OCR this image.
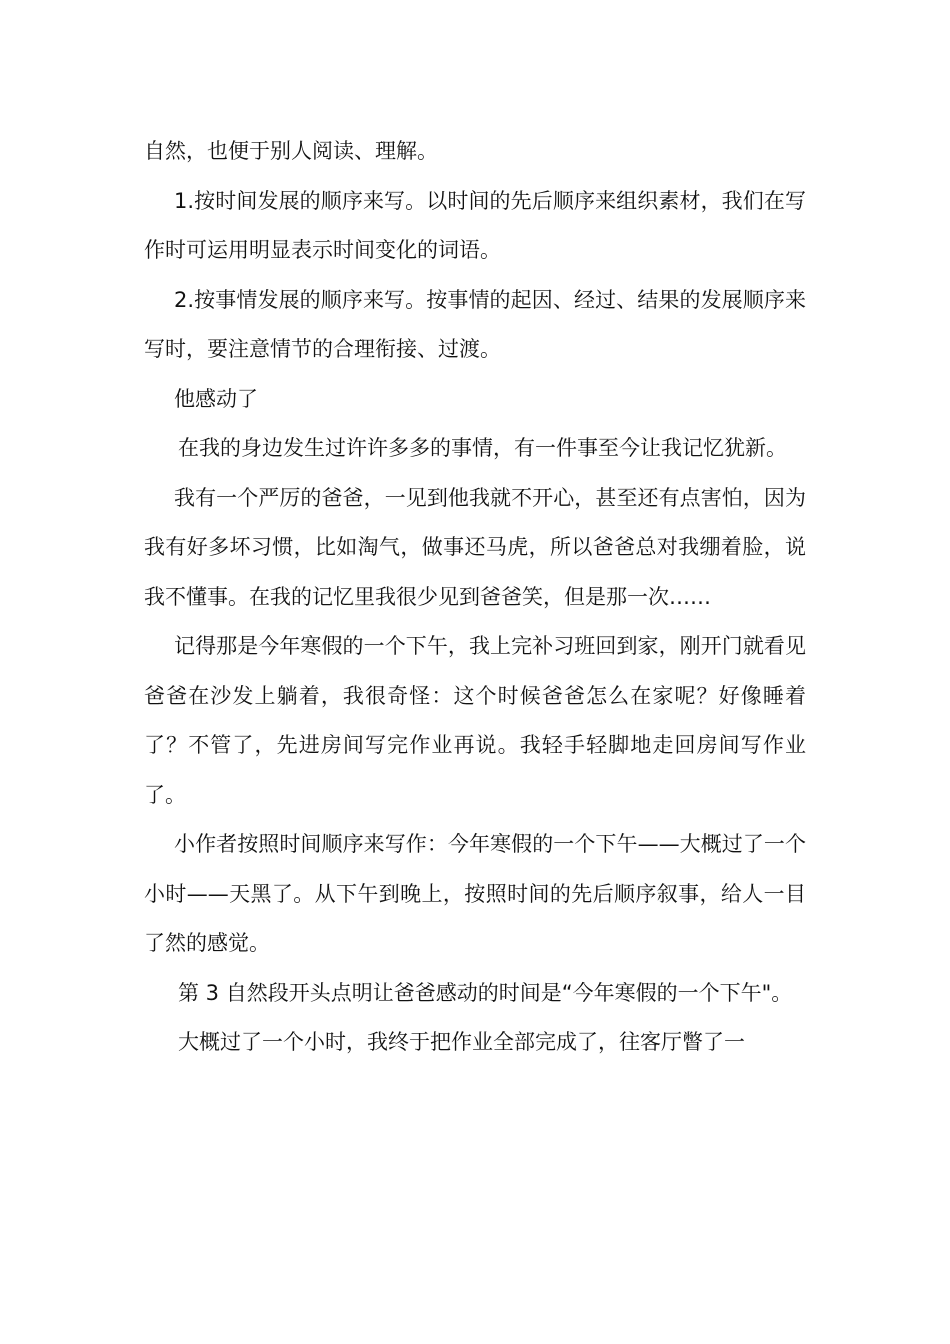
自然，也便于别人阅读、理解。

1.按时间发展的顺序来写。以时间的先后顺序来组织素材，我们在写作时可运用明显表示时间变化的词语。

2.按事情发展的顺序来写。按事情的起因、经过、结果的发展顺序来写时，要注意情节的合理衔接、过渡。

他感动了

在我的身边发生过许许多多的事情，有一件事至今让我记忆犹新。

我有一个严厉的爸爸，一见到他我就不开心，甚至还有点害怕，因为我有好多坏习惯，比如淘气，做事还马虎，所以爸爸总对我绷着脸，说我不懂事。在我的记忆里我很少见到爸爸笑，但是那一次……

记得那是今年寒假的一个下午，我上完补习班回到家，刚开门就看见爸爸在沙发上躺着，我很奇怪：这个时候爸爸怎么在家呢？好像睡着了？不管了，先进房间写完作业再说。我轻手轻脚地走回房间写作业了。

小作者按照时间顺序来写作：今年寒假的一个下午——大概过了一个小时——天黑了。从下午到晚上，按照时间的先后顺序叙事，给人一目了然的感觉。

第 3 自然段开头点明让爸爸感动的时间是“今年寒假的一个下午"。

大概过了一个小时，我终于把作业全部完成了，往客厅瞥了一
